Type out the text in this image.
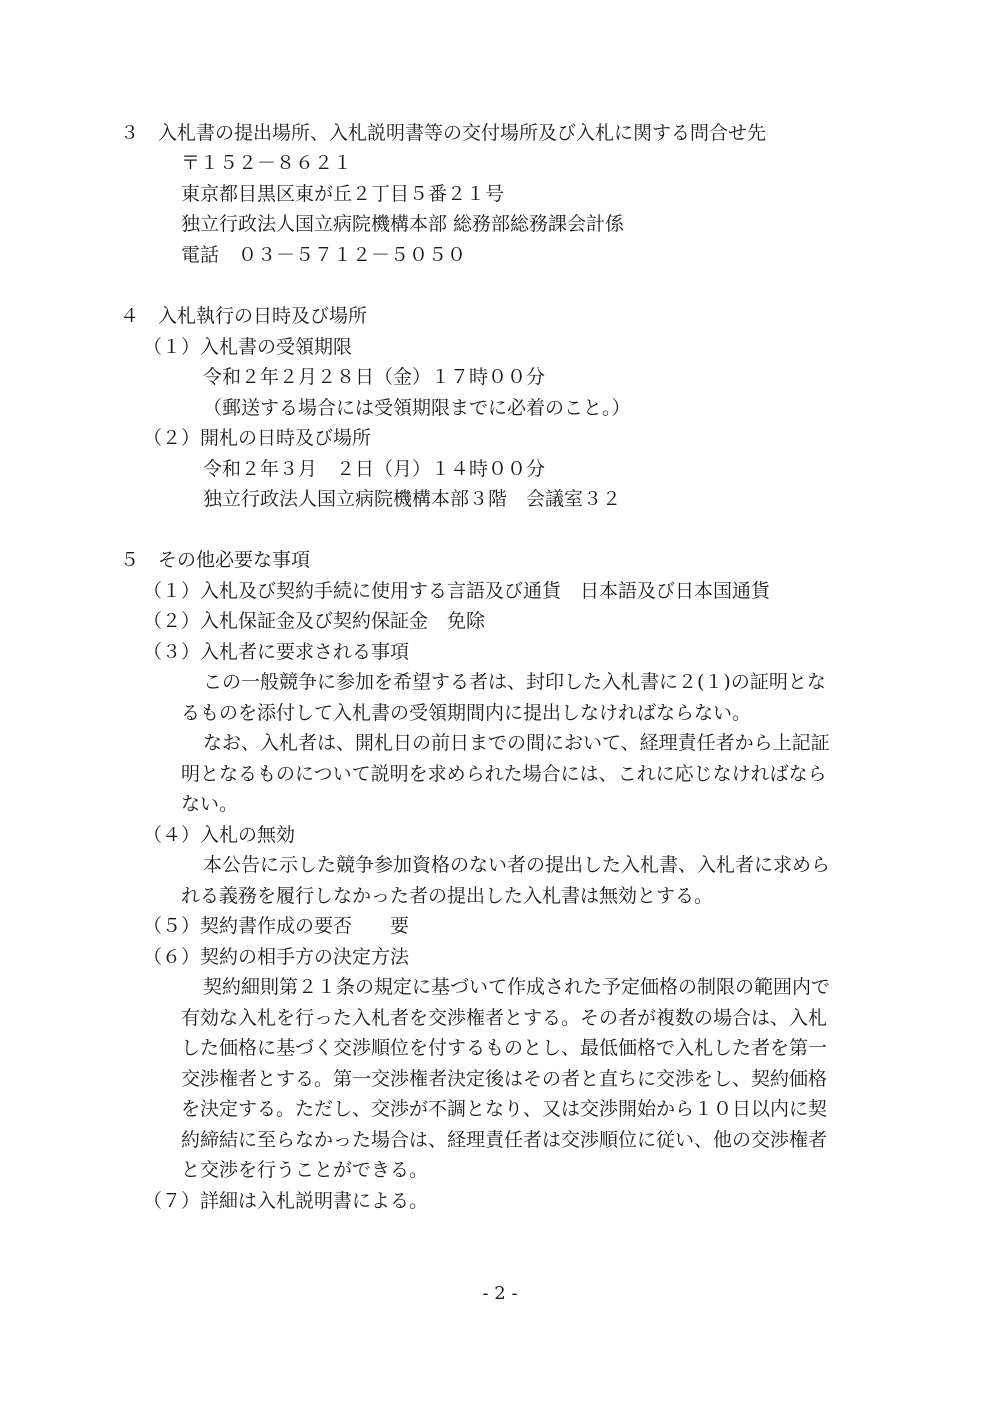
３　入札書の提出場所、入札説明書等の交付場所及び入札に関する問合せ先
〒１５２－８６２１
東京都目黒区東が丘２丁目５番２１号
独立行政法人国立病院機構本部 総務部総務課会計係
電話　０３－５７１２－５０５０
４　入札執行の日時及び場所
（１）入札書の受領期限
令和２年２月２８日（金）１７時００分
（郵送する場合には受領期限までに必着のこと。）
（２）開札の日時及び場所
令和２年３月　２日（月）１４時００分
独立行政法人国立病院機構本部３階　会議室３２
５　その他必要な事項
（１）入札及び契約手続に使用する言語及び通貨　日本語及び日本国通貨
（２）入札保証金及び契約保証金　免除
（３）入札者に要求される事項
この一般競争に参加を希望する者は、封印した入札書に２(１)の証明とな
るものを添付して入札書の受領期間内に提出しなければならない。
なお、入札者は、開札日の前日までの間において、経理責任者から上記証
明となるものについて説明を求められた場合には、これに応じなければなら
ない。
（４）入札の無効
本公告に示した競争参加資格のない者の提出した入札書、入札者に求めら
れる義務を履行しなかった者の提出した入札書は無効とする。
（５）契約書作成の要否　　要
（６）契約の相手方の決定方法
契約細則第２１条の規定に基づいて作成された予定価格の制限の範囲内で
有効な入札を行った入札者を交渉権者とする。その者が複数の場合は、入札
した価格に基づく交渉順位を付するものとし、最低価格で入札した者を第一
交渉権者とする。第一交渉権者決定後はその者と直ちに交渉をし、契約価格
を決定する。ただし、交渉が不調となり、又は交渉開始から１０日以内に契
約締結に至らなかった場合は、経理責任者は交渉順位に従い、他の交渉権者
と交渉を行うことができる。
（７）詳細は入札説明書による。
- 2 -
